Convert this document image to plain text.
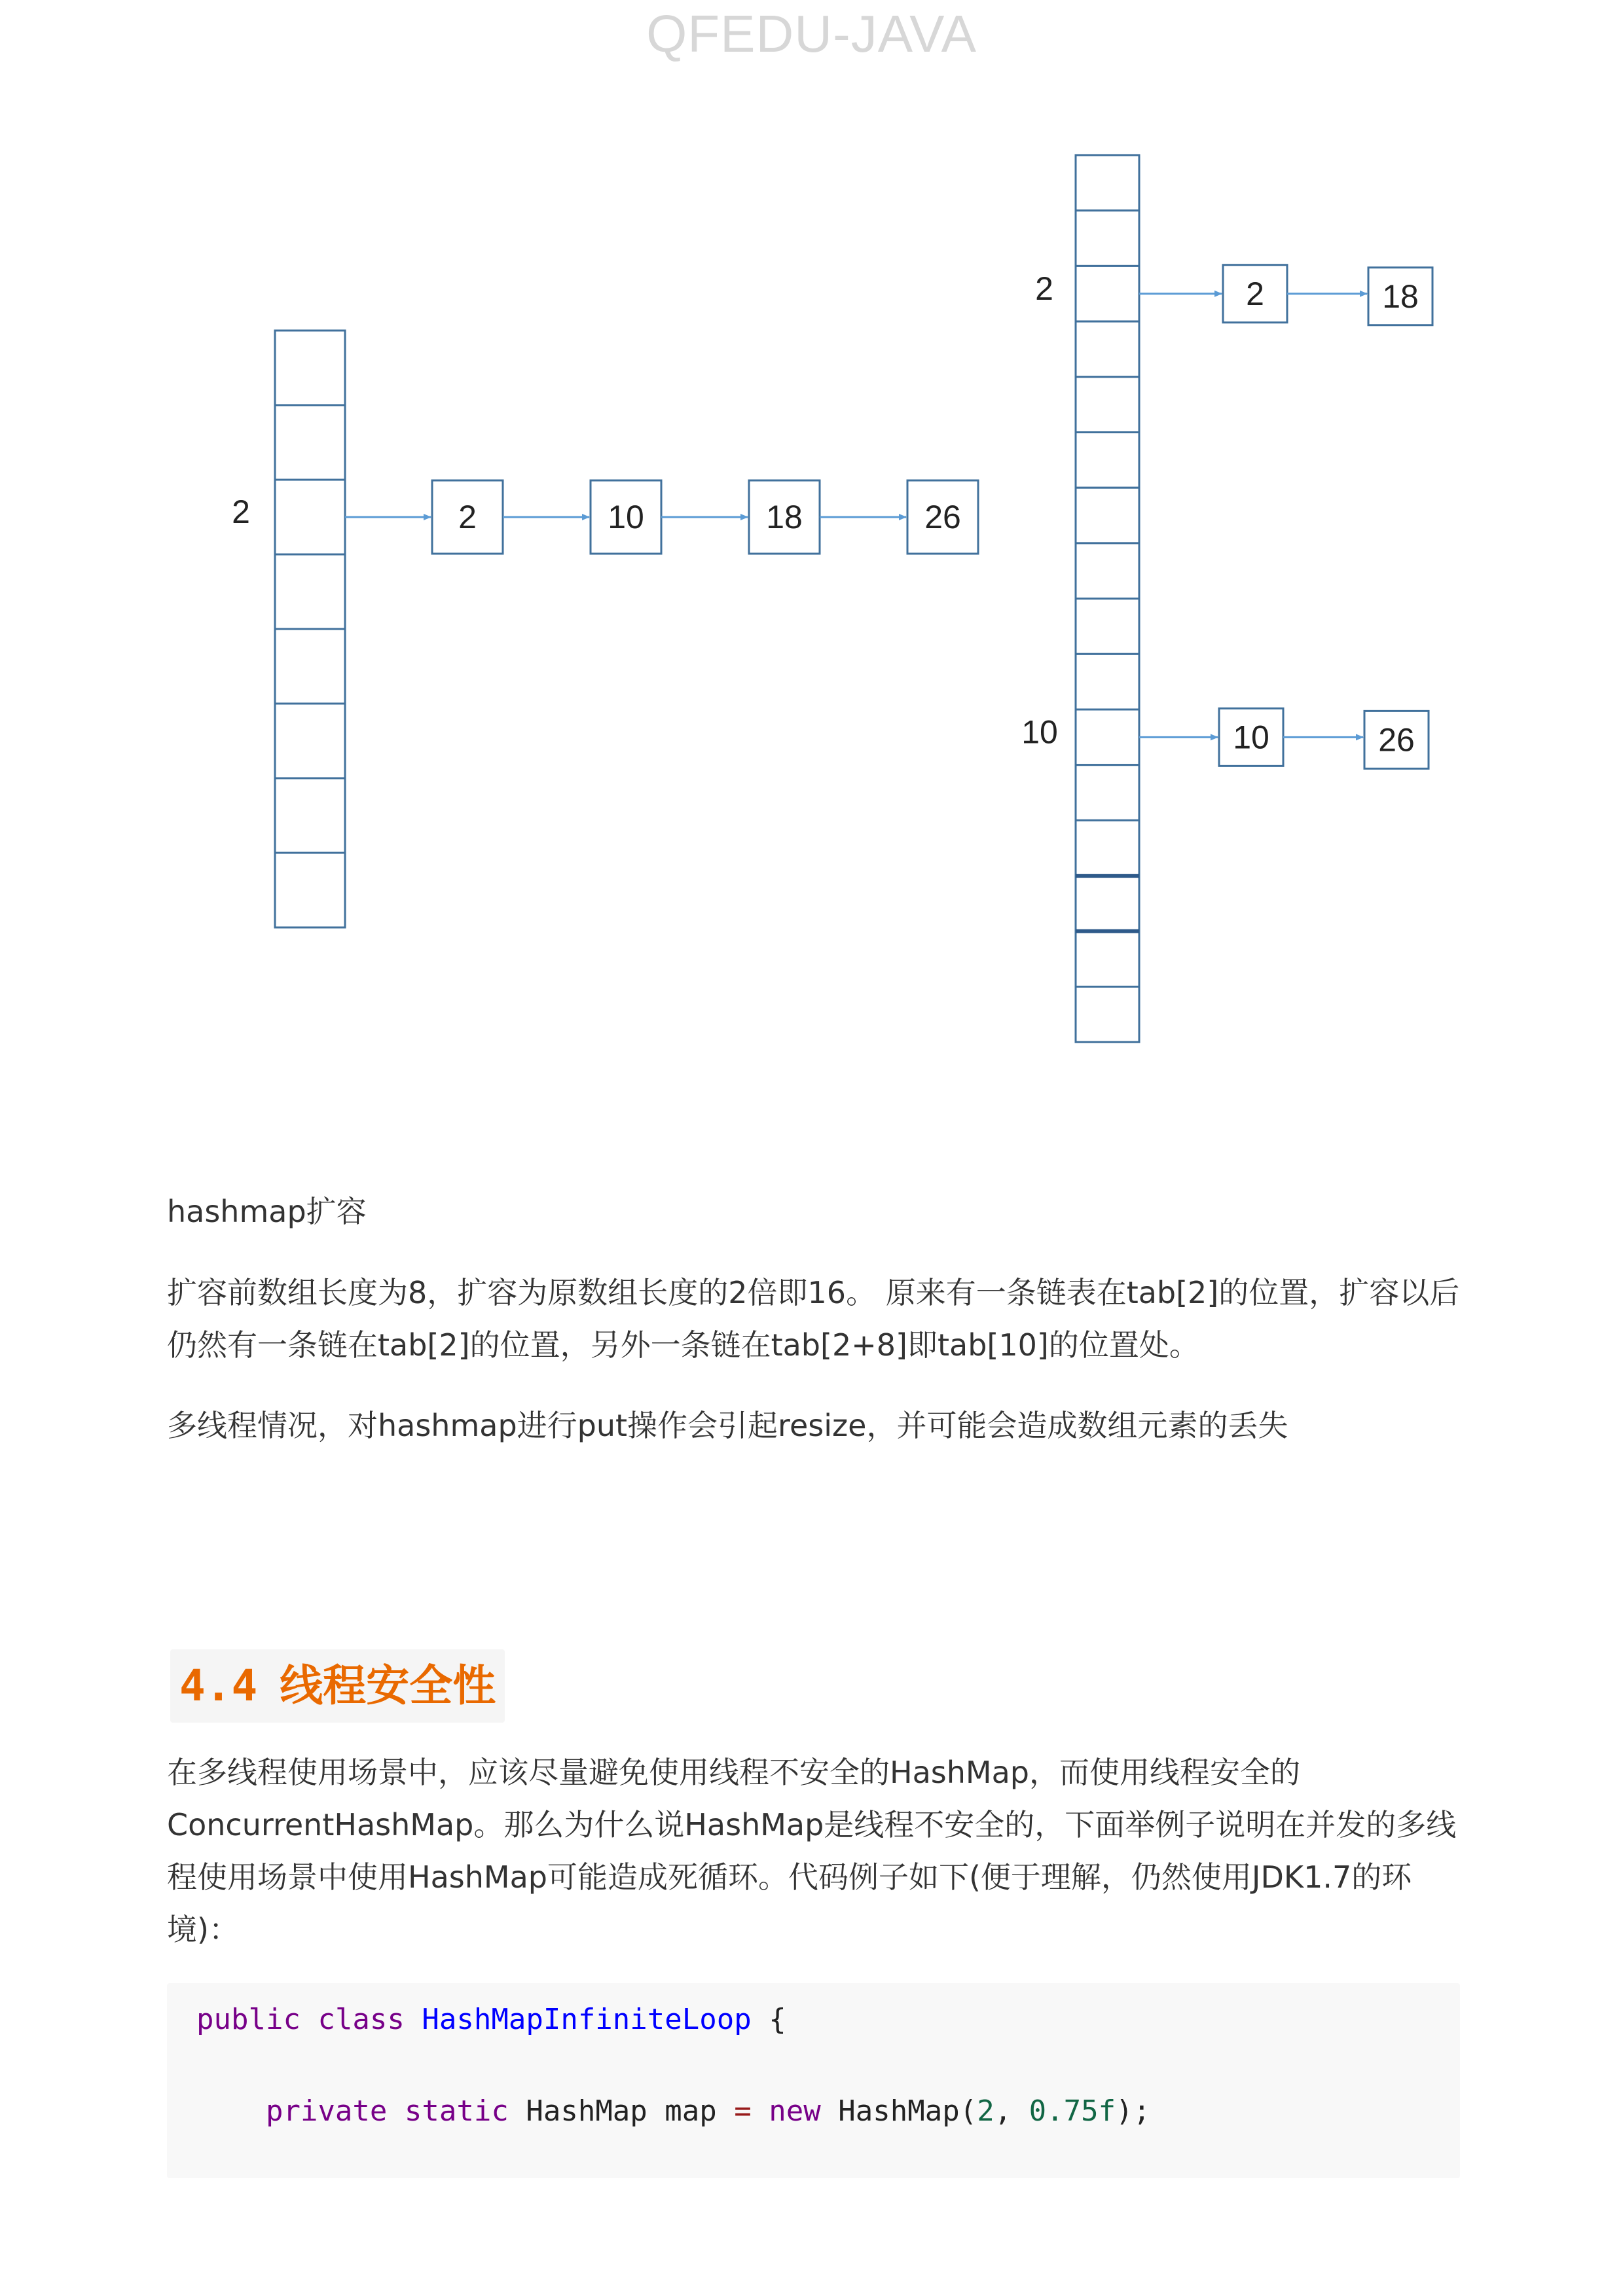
QFEDU-JAVA
2	2	10	18	26
2	2	18
10	10	26
hashmap扩容
扩容前数组长度为8，扩容为原数组长度的2倍即16。 原来有一条链表在tab[2]的位置，扩容以后仍然有一条链在tab[2]的位置，另外一条链在tab[2+8]即tab[10]的位置处。
多线程情况，对hashmap进行put操作会引起resize，并可能会造成数组元素的丢失
4.4 线程安全性
在多线程使用场景中，应该尽量避免使用线程不安全的HashMap，而使用线程安全的ConcurrentHashMap。那么为什么说HashMap是线程不安全的，下面举例子说明在并发的多线程使用场景中使用HashMap可能造成死循环。代码例子如下(便于理解，仍然使用JDK1.7的环境)：
public class HashMapInfiniteLoop {
private static HashMap map = new HashMap(2, 0.75f);
